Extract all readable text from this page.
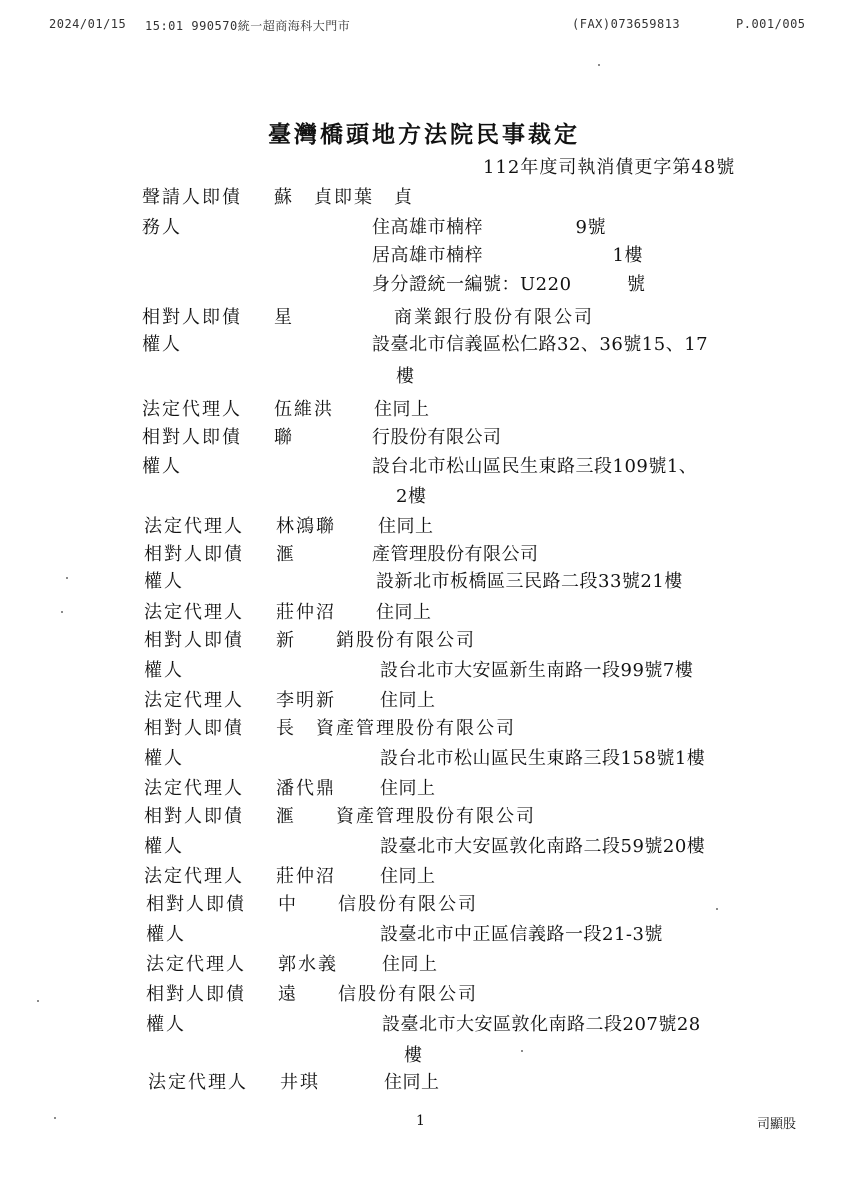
2024/01/15 15:01 990570統一超商海科大門市	(FAX)073659813	P.001/005
臺灣橋頭地方法院民事裁定
112年度司執消債更字第48號
聲請人即債 蘇　貞即葉　貞
務人	住高雄市楠梓　　　　　9號
居高雄市楠梓　　　　　　　1樓
身分證統一編號：U220　　　號
相對人即債 星　　　　　商業銀行股份有限公司
權人	設臺北市信義區松仁路32、36號15、17
樓
法定代理人 伍維洪 住同上
相對人即債 聯	行股份有限公司
權人	設台北市松山區民生東路三段109號1、
2樓
法定代理人 林鴻聯 住同上
相對人即債 滙	產管理股份有限公司
權人	設新北市板橋區三民路二段33號21樓
法定代理人 莊仲沼 住同上
相對人即債 新　　銷股份有限公司
權人	設台北市大安區新生南路一段99號7樓
法定代理人 李明新 住同上
相對人即債 長　資產管理股份有限公司
權人	設台北市松山區民生東路三段158號1樓
法定代理人 潘代鼎 住同上
相對人即債 滙　　資產管理股份有限公司
權人	設臺北市大安區敦化南路二段59號20樓
法定代理人 莊仲沼 住同上
相對人即債 中　　信股份有限公司
權人	設臺北市中正區信義路一段21-3號
法定代理人 郭水義 住同上
相對人即債 遠　　信股份有限公司
權人	設臺北市大安區敦化南路二段207號28
樓
法定代理人 井琪	住同上
1	司顯股
